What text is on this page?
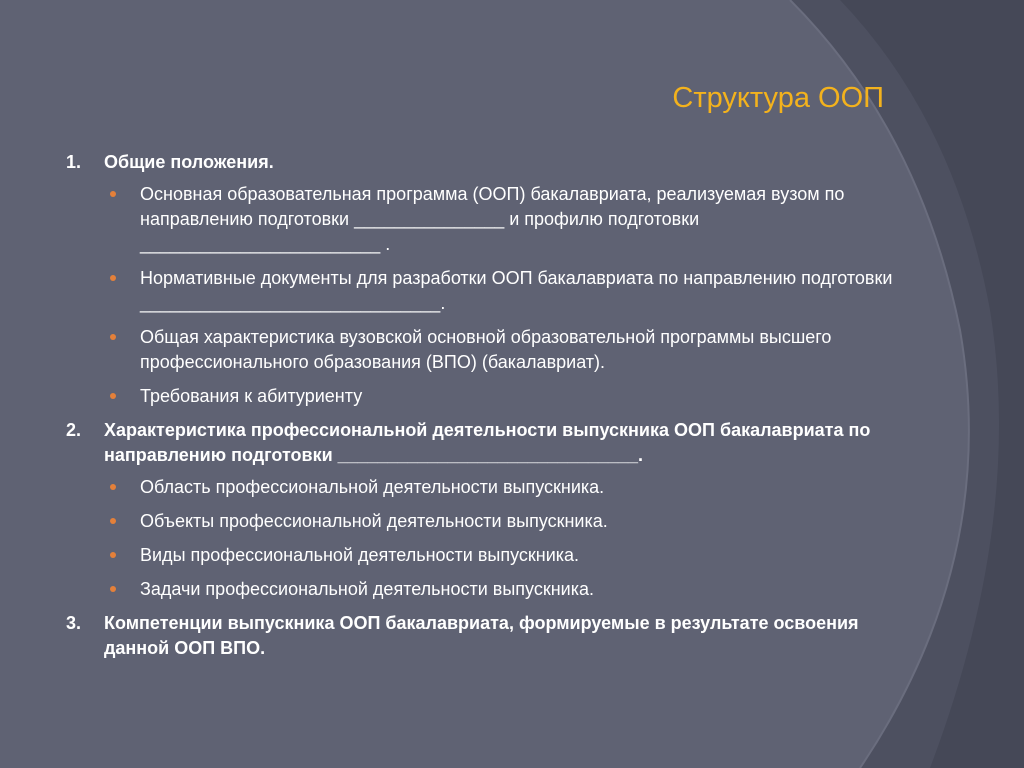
Структура ООП
1.	Общие положения.
Основная образовательная программа (ООП) бакалавриата, реализуемая вузом по направлению подготовки _______________ и профилю подготовки ________________________ .
Нормативные документы для разработки ООП бакалавриата по направлению подготовки ______________________________.
Общая характеристика вузовской основной образовательной программы высшего профессионального образования (ВПО) (бакалавриат).
Требования к абитуриенту
2.	Характеристика профессиональной деятельности выпускника ООП бакалавриата по направлению подготовки ______________________________.
Область профессиональной деятельности выпускника.
Объекты профессиональной деятельности выпускника.
Виды профессиональной деятельности выпускника.
Задачи профессиональной деятельности выпускника.
3.	Компетенции выпускника ООП бакалавриата, формируемые в результате освоения данной ООП ВПО.
